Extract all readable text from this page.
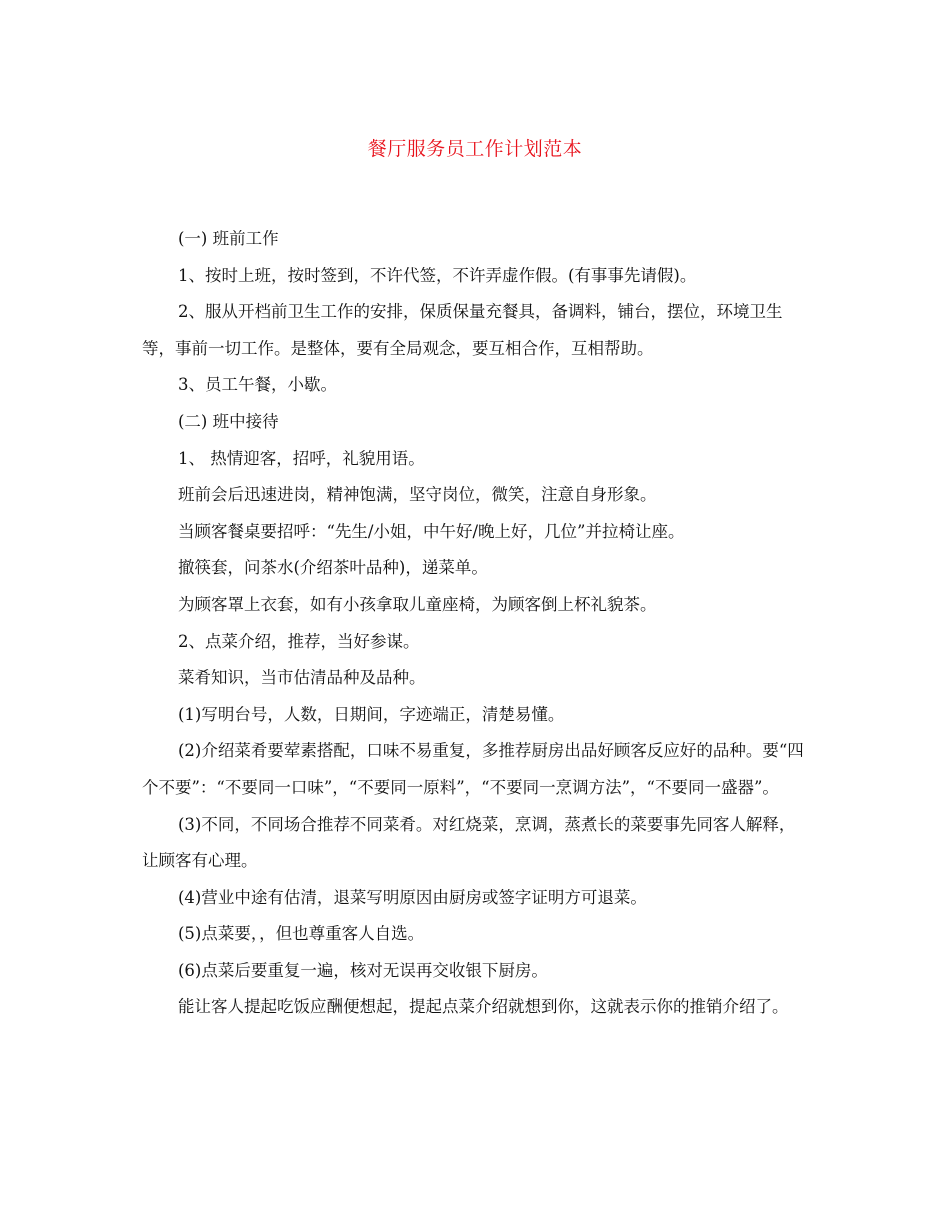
餐厅服务员工作计划范本

(一) 班前工作

1、按时上班，按时签到，不许代签，不许弄虚作假。(有事事先请假)。

2、服从开档前卫生工作的安排，保质保量充餐具，备调料，铺台，摆位，环境卫生等，事前一切工作。是整体，要有全局观念，要互相合作，互相帮助。

3、员工午餐，小歇。

(二) 班中接待

1、 热情迎客，招呼，礼貌用语。

班前会后迅速进岗，精神饱满，坚守岗位，微笑，注意自身形象。

当顾客餐桌要招呼：“先生/小姐，中午好/晚上好，几位”并拉椅让座。

撤筷套，问茶水(介绍茶叶品种)，递菜单。

为顾客罩上衣套，如有小孩拿取儿童座椅，为顾客倒上杯礼貌茶。

2、点菜介绍，推荐，当好参谋。

菜肴知识，当市估清品种及品种。

(1)写明台号，人数，日期间，字迹端正，清楚易懂。

(2)介绍菜肴要荤素搭配，口味不易重复，多推荐厨房出品好顾客反应好的品种。要“四个不要”：“不要同一口味”，“不要同一原料”，“不要同一烹调方法”，“不要同一盛器”。

(3)不同，不同场合推荐不同菜肴。对红烧菜，烹调，蒸煮长的菜要事先同客人解释，让顾客有心理。

(4)营业中途有估清，退菜写明原因由厨房或签字证明方可退菜。

(5)点菜要，，但也尊重客人自选。

(6)点菜后要重复一遍，核对无误再交收银下厨房。

能让客人提起吃饭应酬便想起，提起点菜介绍就想到你，这就表示你的推销介绍了。
